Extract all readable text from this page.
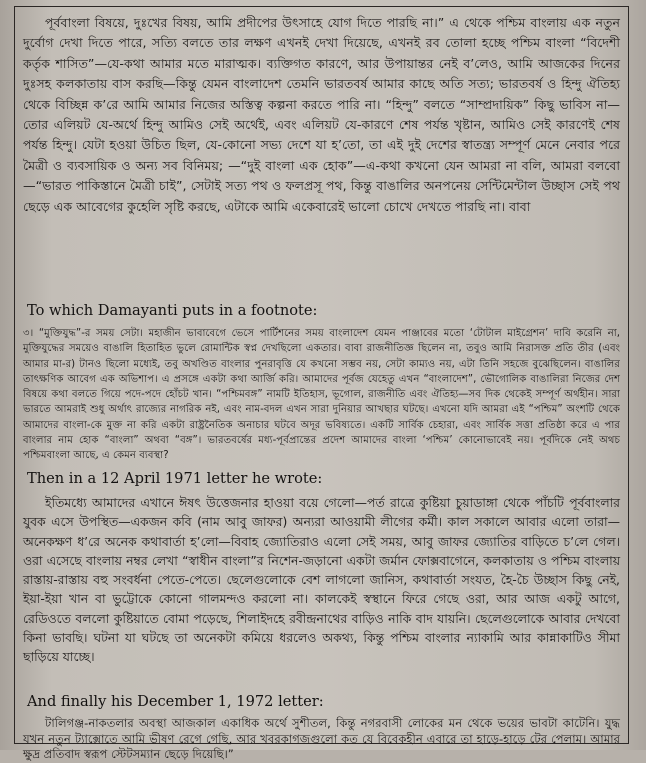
পূর্ববাংলা বিষয়ে, দুঃখের বিষয়, আমি প্রদীপের উৎসাহে যোগ দিতে পারছি না।” এ থেকে পশ্চিম বাংলায় এক নতুন দুর্বোগ দেখা দিতে পারে, সত্যি বলতে তার লক্ষণ এখনই দেখা দিয়েছে, এখনই রব তোলা হচ্ছে পশ্চিম বাংলা “বিদেশী কর্তৃক শাসিত”—যে-কথা আমার মতে মারাত্মক। ব্যক্তিগত কারণে, আর উপায়ান্তর নেই ব’লেও, আমি আজকের দিনের দুঃসহ কলকাতায় বাস করছি—কিন্তু যেমন বাংলাদেশ তেমনি ভারতবর্ষ আমার কাছে অতি সত্য; ভারতবর্ষ ও হিন্দু ঐতিহ্য থেকে বিচ্ছিন্ন ক’রে আমি আমার নিজের অস্তিত্ব কল্পনা করতে পারি না। “হিন্দু” বলতে “সাম্প্রদায়িক” কিছু ভাবিস না—তোর এলিয়ট যে-অর্থে হিন্দু আমিও সেই অর্থেই, এবং এলিয়ট যে-কারণে শেষ পর্যন্ত খৃষ্টান, আমিও সেই কারণেই শেষ পর্যন্ত হিন্দু। যেটা হওয়া উচিত ছিল, যে-কোনো সভ্য দেশে যা হ’তো, তা এই দুই দেশের স্বাতন্ত্র্য সম্পূর্ণ মেনে নেবার পরে মৈত্রী ও ব্যবসায়িক ও অন্য সব বিনিময়; —“দুই বাংলা এক হোক”—এ-কথা কখনো যেন আমরা না বলি, আমরা বলবো—“ভারত পাকিস্তানে মৈত্রী চাই”, সেটাই সত্য পথ ও ফলপ্রসূ পথ, কিন্তু বাঙালির অনপনেয় সেন্টিমেন্টাল উচ্ছাস সেই পথ ছেড়ে এক আবেগের কুহেলি সৃষ্টি করছে, এটাকে আমি একেবারেই ভালো চোখে দেখতে পারছি না। বাবা

To which Damayanti puts in a footnote:

৩। “মুক্তিযুদ্ধ”-র সময় সেটা। মহাজীন ভাবাবেগে ভেসে পার্টিশনের সময় বাংলাদেশ যেমন পাঞ্জাবের মতো ‘টোটাল মাইগ্রেশন’ দাবি করেনি না, মুক্তিযুদ্ধের সময়েও বাঙালি হিতাহিত ভুলে রোমান্টিক স্বপ্ন দেখছিলো একতার। বাবা রাজনীতিজ্ঞ ছিলেন না, তবুও আমি নিরাসক্ত প্রতি তীর (এবং আমার মা-র) টানও ছিলো মধ্যেই, তবু অখণ্ডিত বাংলার পুনরাবৃত্তি যে কখনো সম্ভব নয়, সেটা কাম্যও নয়, এটা তিনি সহজে বুঝেছিলেন। বাঙালির তাৎক্ষণিক আবেগ এক অভিশাপ। এ প্রসঙ্গে একটা কথা আর্জি করি। আমাদের পূর্বজ যেহেতু এখন “বাংলাদেশ”, ভৌগোলিক বাঙালিরা নিজের দেশ বিষয়ে কথা বলতে গিয়ে পদে-পদে হোঁচট খান। “পশ্চিমবঙ্গ” নামটি ইতিহাস, ভূগোল, রাজনীতি এবং ঐতিহ্য—সব দিক থেকেই সম্পূর্ণ অর্থহীন। সারা ভারতে আমরাই শুধু অর্থাৎ রাজ্যের নাগরিক নই, এবং নাম-বদল এখন সারা দুনিয়ার আখছার ঘটছে। এখনো যদি আমরা এই “পশ্চিম” অংশটি থেকে আমাদের বাংলা-কে মুক্ত না করি একটা রাষ্ট্রনৈতিক অনাচার ঘটবে অদূর ভবিষ্যতে। একটি সার্বিক চেহারা, এবং সার্বিক সত্তা প্রতিষ্ঠা করে এ পার বাংলার নাম হোক “বাংলা” অথবা “বঙ্গ”। ভারতবর্ষের মধ্য-পূর্বপ্রান্তের প্রদেশ আমাদের বাংলা ‘পশ্চিম’ কোনোভাবেই নয়। পূর্বদিকে নেই অথচ পশ্চিমবাংলা আছে, এ কেমন ব্যবস্থা?

Then in a 12 April 1971 letter he wrote:

ইতিমধ্যে আমাদের এখানে ঈষৎ উত্তেজনার হাওয়া বয়ে গেলো—পর্ত রাত্রে কুষ্টিয়া চুয়াডাঙ্গা থেকে পাঁচটি পূর্ববাংলার যুবক এসে উপস্থিত—একজন কবি (নাম আবু জাফর) অন্যরা আওয়ামী লীগের কর্মী। কাল সকালে আবার এলো তারা—অনেকক্ষণ ধ’রে অনেক কথাবার্তা হ’লো—বিবাহ জ্যোতিরাও এলো সেই সময়, আবু জাফর জ্যোতির বাড়িতে চ’লে গেল। ওরা এসেছে বাংলায় নম্বর লেখা “স্বাধীন বাংলা”র নিশেন-জড়ানো একটা জর্মান ফোক্সবাগেনে, কলকাতায় ও পশ্চিম বাংলায় রাস্তায়-রাস্তায় বহু সংবর্ধনা পেতে-পেতে। ছেলেগুলোকে বেশ লাগলো জানিস, কথাবার্তা সংযত, হৈ-চৈ উচ্ছাস কিছু নেই, ইয়া-ইয়া খান বা ভুট্টোকে কোনো গালমন্দও করলো না। কালকেই স্বস্থানে ফিরে গেছে ওরা, আর আজ একটু আগে, রেডিওতে বললো কুষ্টিয়াতে বোমা পড়েছে, শিলাইদহে রবীন্দ্রনাথের বাড়িও নাকি বাদ যায়নি। ছেলেগুলোকে আবার দেখবো কিনা ভাবছি। ঘটনা যা ঘটছে তা অনেকটা কমিয়ে ধরলেও অকথ্য, কিন্তু পশ্চিম বাংলার ন্যাকামি আর কান্নাকাটিও সীমা ছাড়িয়ে যাচ্ছে।

And finally his December 1, 1972 letter:

টালিগঞ্জ-নাকতলার অবস্থা আজকাল একাধিক অর্থে সুশীতল, কিন্তু নগরবাসী লোকের মন থেকে ভয়ের ভাবটা কাটেনি। যুদ্ধ যখন নতুন ট্যাক্সোতে আমি ভীষণ রেগে গেছি, আর খবরকাগজগুলো কত যে বিবেকহীন এবারে তা হাড়ে-হাড়ে টের পেলাম। আমার ক্ষুদ্র প্রতিবাদ স্বরূপ স্টেটসম্যান ছেড়ে দিয়েছি।”
